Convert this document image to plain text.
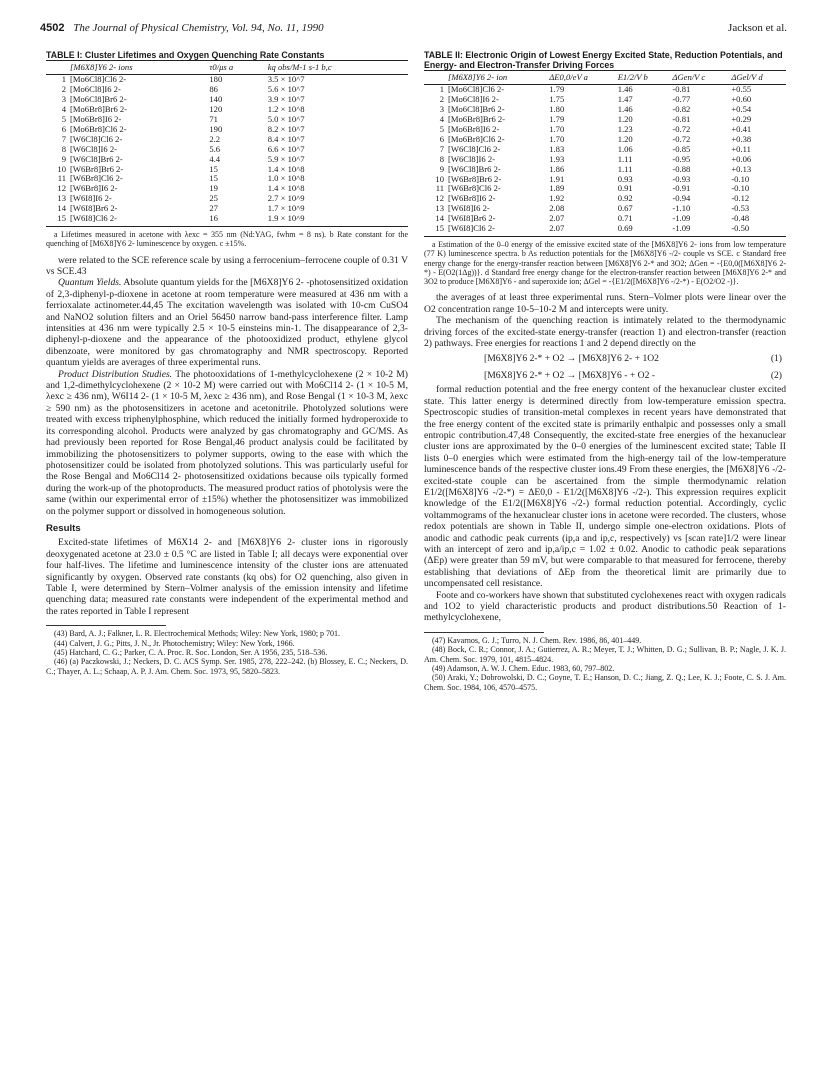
4502 The Journal of Physical Chemistry, Vol. 94, No. 11, 1990	Jackson et al.
TABLE I: Cluster Lifetimes and Oxygen Quenching Rate Constants
	[M6X8]Y6 2- ions	τ0/μs a	kq obs/M-1 s-1 b,c
1	[Mo6Cl8]Cl6 2-	180	3.5 × 10^7
2	[Mo6Cl8]I6 2-	86	5.6 × 10^7
3	[Mo6Cl8]Br6 2-	140	3.9 × 10^7
4	[Mo6Br8]Br6 2-	120	1.2 × 10^8
5	[Mo6Br8]I6 2-	71	5.0 × 10^7
6	[Mo6Br8]Cl6 2-	190	8.2 × 10^7
7	[W6Cl8]Cl6 2-	2.2	8.4 × 10^7
8	[W6Cl8]I6 2-	5.6	6.6 × 10^7
9	[W6Cl8]Br6 2-	4.4	5.9 × 10^7
10	[W6Br8]Br6 2-	15	1.4 × 10^8
11	[W6Br8]Cl6 2-	15	1.0 × 10^8
12	[W6Br8]I6 2-	19	1.4 × 10^8
13	[W6I8]I6 2-	25	2.7 × 10^9
14	[W6I8]Br6 2-	27	1.7 × 10^9
15	[W6I8]Cl6 2-	16	1.9 × 10^9
a Lifetimes measured in acetone with λexc = 355 nm (Nd:YAG, fwhm = 8 ns). b Rate constant for the quenching of [M6X8]Y6 2- luminescence by oxygen. c ±15%.

were related to the SCE reference scale by using a ferrocenium–ferrocene couple of 0.31 V vs SCE.43

Quantum Yields. Absolute quantum yields for the [M6X8]Y6 2- -photosensitized oxidation of 2,3-diphenyl-p-dioxene in acetone at room temperature were measured at 436 nm with a ferrioxalate actinometer.44,45 The excitation wavelength was isolated with 10-cm CuSO4 and NaNO2 solution filters and an Oriel 56450 narrow band-pass interference filter. Lamp intensities at 436 nm were typically 2.5 × 10-5 einsteins min-1. The disappearance of 2,3-diphenyl-p-dioxene and the appearance of the photooxidized product, ethylene glycol dibenzoate, were monitored by gas chromatography and NMR spectroscopy. Reported quantum yields are averages of three experimental runs.

Product Distribution Studies. The photooxidations of 1-methylcyclohexene (2 × 10-2 M) and 1,2-dimethylcyclohexene (2 × 10-2 M) were carried out with Mo6Cl14 2- (1 × 10-5 M, λexc ≥ 436 nm), W6I14 2- (1 × 10-5 M, λexc ≥ 436 nm), and Rose Bengal (1 × 10-3 M, λexc ≥ 590 nm) as the photosensitizers in acetone and acetonitrile. Photolyzed solutions were treated with excess triphenylphosphine, which reduced the initially formed hydroperoxide to its corresponding alcohol. Products were analyzed by gas chromatography and GC/MS. As had previously been reported for Rose Bengal,46 product analysis could be facilitated by immobilizing the photosensitizers to polymer supports, owing to the ease with which the photosensitizer could be isolated from photolyzed solutions. This was particularly useful for the Rose Bengal and Mo6Cl14 2- photosensitized oxidations because oils typically formed during the work-up of the photoproducts. The measured product ratios of photolysis were the same (within our experimental error of ±15%) whether the photosensitizer was immobilized on the polymer support or dissolved in homogeneous solution.

Results

Excited-state lifetimes of M6X14 2- and [M6X8]Y6 2- cluster ions in rigorously deoxygenated acetone at 23.0 ± 0.5 °C are listed in Table I; all decays were exponential over four half-lives. The lifetime and luminescence intensity of the cluster ions are attenuated significantly by oxygen. Observed rate constants (kq obs) for O2 quenching, also given in Table I, were determined by Stern–Volmer analysis of the emission intensity and lifetime quenching data; measured rate constants were independent of the experimental method and the rates reported in Table I represent

(43) Bard, A. J.; Falkner, L. R. Electrochemical Methods; Wiley: New York, 1980; p 701.
(44) Calvert, J. G.; Pitts, J. N., Jr. Photochemistry; Wiley: New York, 1966.
(45) Hatchard, C. G.; Parker, C. A. Proc. R. Soc. London, Ser. A 1956, 235, 518–536.
(46) (a) Paczkowski, J.; Neckers, D. C. ACS Symp. Ser. 1985, 278, 222–242. (b) Blossey, E. C.; Neckers, D. C.; Thayer, A. L.; Schaap, A. P. J. Am. Chem. Soc. 1973, 95, 5820–5823.
TABLE II: Electronic Origin of Lowest Energy Excited State, Reduction Potentials, and Energy- and Electron-Transfer Driving Forces
	[M6X8]Y6 2- ion	ΔE0,0/eV a	E1/2/V b	ΔGen/V c	ΔGel/V d
1	[Mo6Cl8]Cl6 2-	1.79	1.46	-0.81	+0.55
2	[Mo6Cl8]I6 2-	1.75	1.47	-0.77	+0.60
3	[Mo6Cl8]Br6 2-	1.80	1.46	-0.82	+0.54
4	[Mo6Br8]Br6 2-	1.79	1.20	-0.81	+0.29
5	[Mo6Br8]I6 2-	1.70	1.23	-0.72	+0.41
6	[Mo6Br8]Cl6 2-	1.70	1.20	-0.72	+0.38
7	[W6Cl8]Cl6 2-	1.83	1.06	-0.85	+0.11
8	[W6Cl8]I6 2-	1.93	1.11	-0.95	+0.06
9	[W6Cl8]Br6 2-	1.86	1.11	-0.88	+0.13
10	[W6Br8]Br6 2-	1.91	0.93	-0.93	-0.10
11	[W6Br8]Cl6 2-	1.89	0.91	-0.91	-0.10
12	[W6Br8]I6 2-	1.92	0.92	-0.94	-0.12
13	[W6I8]I6 2-	2.08	0.67	-1.10	-0.53
14	[W6I8]Br6 2-	2.07	0.71	-1.09	-0.48
15	[W6I8]Cl6 2-	2.07	0.69	-1.09	-0.50
a Estimation of the 0–0 energy of the emissive excited state of the [M6X8]Y6 2- ions from low temperature (77 K) luminescence spectra. b As reduction potentials for the [M6X8]Y6 -/2- couple vs SCE. c Standard free energy change for the energy-transfer reaction between [M6X8]Y6 2-* and 3O2; ΔGen = -{E0,0([M6X8]Y6 2-*) - E(O2(1Δg))}. d Standard free energy change for the electron-transfer reaction between [M6X8]Y6 2-* and 3O2 to produce [M6X8]Y6 - and superoxide ion; ΔGel = -{E1/2([M6X8]Y6 -/2-*) - E(O2/O2 -)}.

the averages of at least three experimental runs. Stern–Volmer plots were linear over the O2 concentration range 10-5–10-2 M and intercepts were unity.

The mechanism of the quenching reaction is intimately related to the thermodynamic driving forces of the excited-state energy-transfer (reaction 1) and electron-transfer (reaction 2) pathways. Free energies for reactions 1 and 2 depend directly on the

[M6X8]Y6 2-* + O2 → [M6X8]Y6 2- + 1O2	(1)
[M6X8]Y6 2-* + O2 → [M6X8]Y6 - + O2 -	(2)

formal reduction potential and the free energy content of the hexanuclear cluster excited state. This latter energy is determined directly from low-temperature emission spectra. Spectroscopic studies of transition-metal complexes in recent years have demonstrated that the free energy content of the excited state is primarily enthalpic and possesses only a small entropic contribution.47,48 Consequently, the excited-state free energies of the hexanuclear cluster ions are approximated by the 0–0 energies of the luminescent excited state; Table II lists 0–0 energies which were estimated from the high-energy tail of the low-temperature luminescence bands of the respective cluster ions.49 From these energies, the [M6X8]Y6 -/2- excited-state couple can be ascertained from the simple thermodynamic relation E1/2([M6X8]Y6 -/2-*) = ΔE0,0 - E1/2([M6X8]Y6 -/2-). This expression requires explicit knowledge of the E1/2([M6X8]Y6 -/2-) formal reduction potential. Accordingly, cyclic voltammograms of the hexanuclear cluster ions in acetone were recorded. The clusters, whose redox potentials are shown in Table II, undergo simple one-electron oxidations. Plots of anodic and cathodic peak currents (ip,a and ip,c, respectively) vs [scan rate]1/2 were linear with an intercept of zero and ip,a/ip,c = 1.02 ± 0.02. Anodic to cathodic peak separations (ΔEp) were greater than 59 mV, but were comparable to that measured for ferrocene, thereby establishing that deviations of ΔEp from the theoretical limit are primarily due to uncompensated cell resistance.

Foote and co-workers have shown that substituted cyclohexenes react with oxygen radicals and 1O2 to yield characteristic products and product distributions.50 Reaction of 1-methylcyclohexene,

(47) Kavarnos, G. J.; Turro, N. J. Chem. Rev. 1986, 86, 401–449.
(48) Bock, C. R.; Connor, J. A.; Gutierrez, A. R.; Meyer, T. J.; Whitten, D. G.; Sullivan, B. P.; Nagle, J. K. J. Am. Chem. Soc. 1979, 101, 4815–4824.
(49) Adamson, A. W. J. Chem. Educ. 1983, 60, 797–802.
(50) Araki, Y.; Dobrowolski, D. C.; Goyne, T. E.; Hanson, D. C.; Jiang, Z. Q.; Lee, K. J.; Foote, C. S. J. Am. Chem. Soc. 1984, 106, 4570–4575.
